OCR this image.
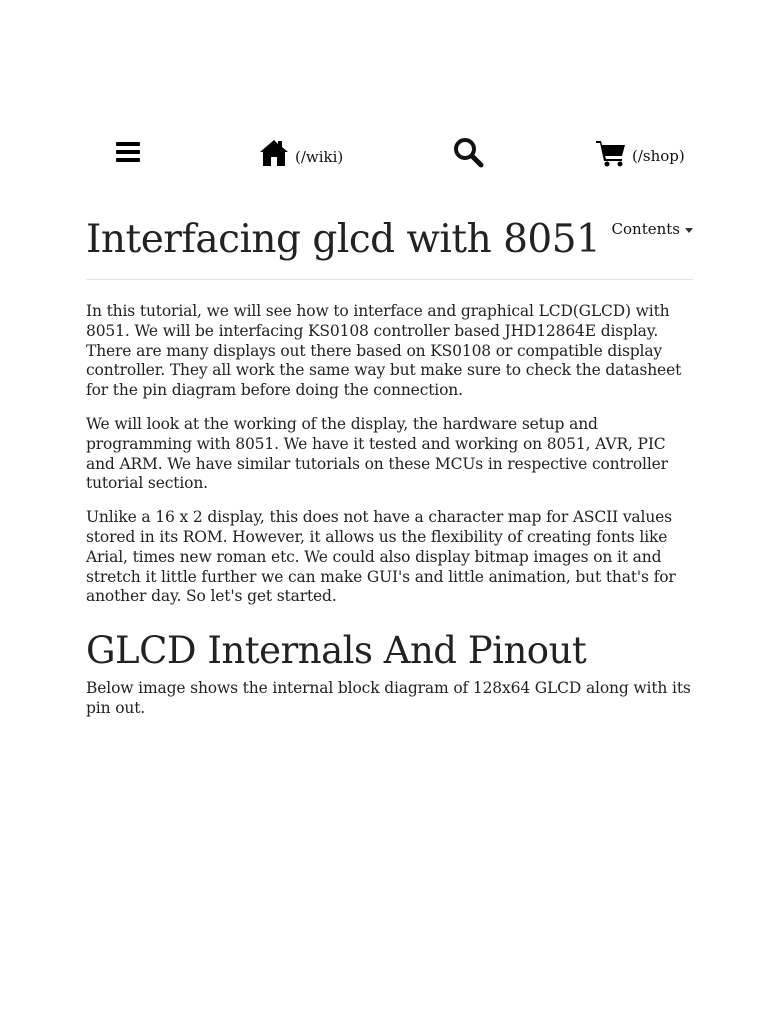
(/wiki)	(/shop)
Interfacing glcd with 8051 Contents

In this tutorial, we will see how to interface and graphical LCD(GLCD) with 8051. We will be interfacing KS0108 controller based JHD12864E display. There are many displays out there based on KS0108 or compatible display controller. They all work the same way but make sure to check the datasheet for the pin diagram before doing the connection.

We will look at the working of the display, the hardware setup and programming with 8051. We have it tested and working on 8051, AVR, PIC and ARM. We have similar tutorials on these MCUs in respective controller tutorial section.

Unlike a 16 x 2 display, this does not have a character map for ASCII values stored in its ROM. However, it allows us the flexibility of creating fonts like Arial, times new roman etc. We could also display bitmap images on it and stretch it little further we can make GUI's and little animation, but that's for another day. So let's get started.

GLCD Internals And Pinout

Below image shows the internal block diagram of 128x64 GLCD along with its pin out.
